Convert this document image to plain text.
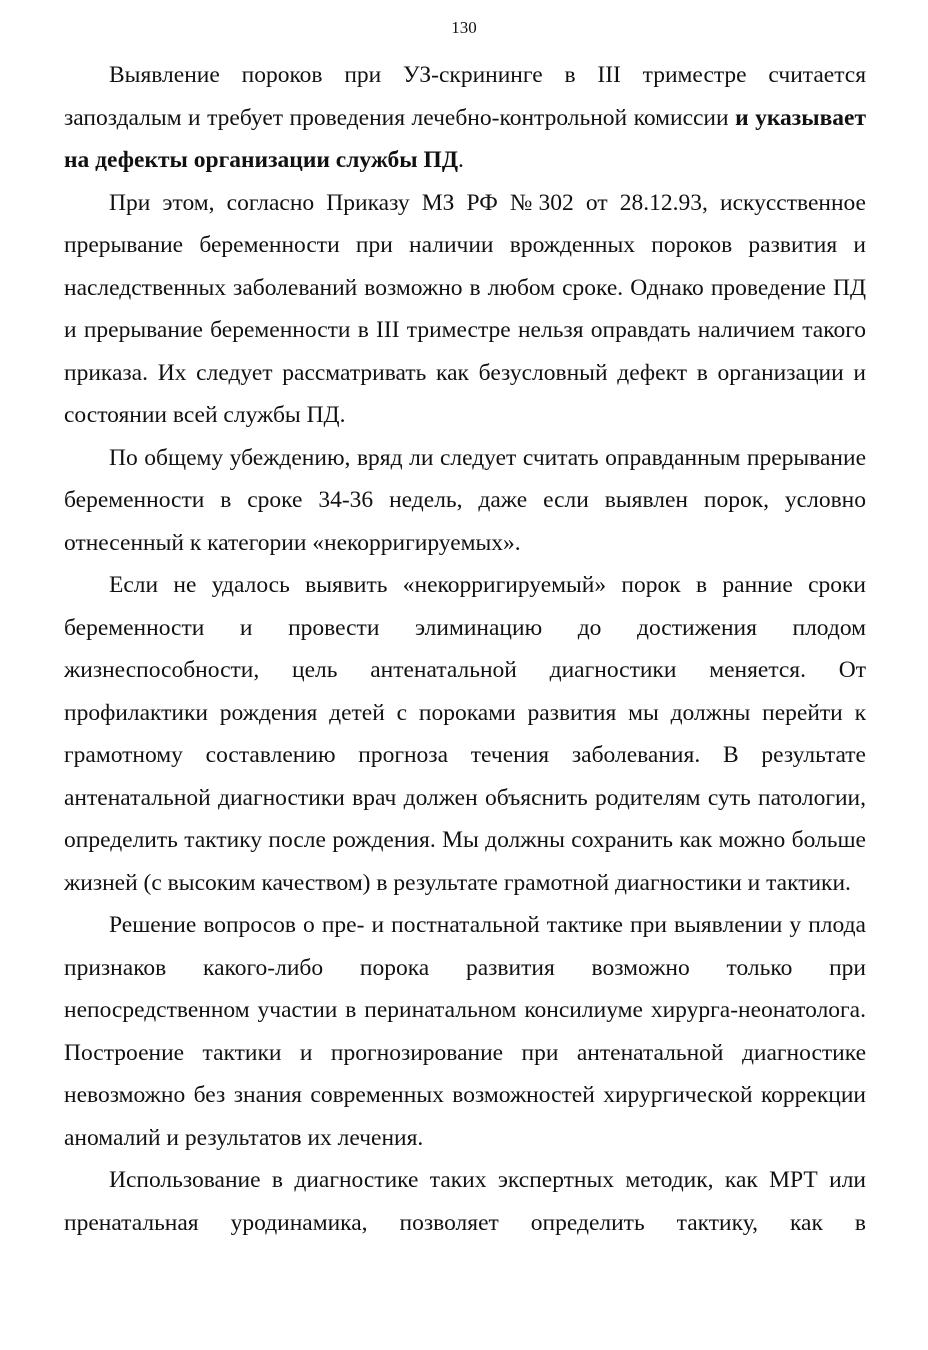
130

Выявление пороков при УЗ-скрининге в III триместре считается запоздалым и требует проведения лечебно-контрольной комиссии и указывает на дефекты организации службы ПД.

При этом, согласно Приказу МЗ РФ №302 от 28.12.93, искусственное прерывание беременности при наличии врожденных пороков развития и наследственных заболеваний возможно в любом сроке. Однако проведение ПД и прерывание беременности в III триместре нельзя оправдать наличием такого приказа. Их следует рассматривать как безусловный дефект в организации и состоянии всей службы ПД.

По общему убеждению, вряд ли следует считать оправданным прерывание беременности в сроке 34-36 недель, даже если выявлен порок, условно отнесенный к категории «некорригируемых».

Если не удалось выявить «некорригируемый» порок в ранние сроки беременности и провести элиминацию до достижения плодом жизнеспособности, цель антенатальной диагностики меняется. От профилактики рождения детей с пороками развития мы должны перейти к грамотному составлению прогноза течения заболевания. В результате антенатальной диагностики врач должен объяснить родителям суть патологии, определить тактику после рождения. Мы должны сохранить как можно больше жизней (с высоким качеством) в результате грамотной диагностики и тактики.

Решение вопросов о пре- и постнатальной тактике при выявлении у плода признаков какого-либо порока развития возможно только при непосредственном участии в перинатальном консилиуме хирурга-неонатолога. Построение тактики и прогнозирование при антенатальной диагностике невозможно без знания современных возможностей хирургической коррекции аномалий и результатов их лечения.

Использование в диагностике таких экспертных методик, как МРТ или пренатальная уродинамика, позволяет определить тактику, как в
